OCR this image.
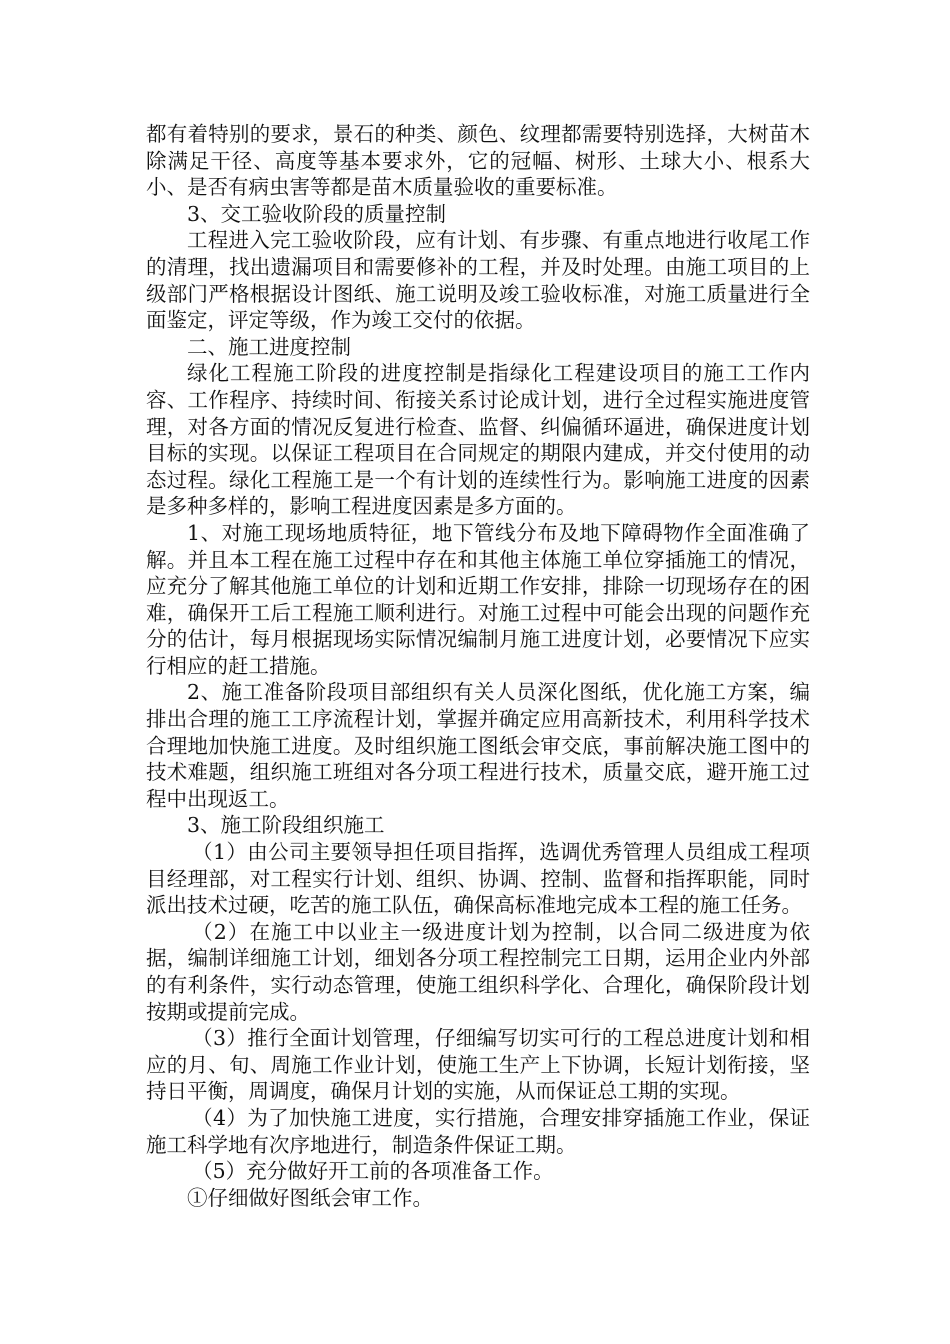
都有着特别的要求，景石的种类、颜色、纹理都需要特别选择，大树苗木除满足干径、高度等基本要求外，它的冠幅、树形、土球大小、根系大小、是否有病虫害等都是苗木质量验收的重要标准。

3、交工验收阶段的质量控制

工程进入完工验收阶段，应有计划、有步骤、有重点地进行收尾工作的清理，找出遗漏项目和需要修补的工程，并及时处理。由施工项目的上级部门严格根据设计图纸、施工说明及竣工验收标准，对施工质量进行全面鉴定，评定等级，作为竣工交付的依据。

二、施工进度控制

绿化工程施工阶段的进度控制是指绿化工程建设项目的施工工作内容、工作程序、持续时间、衔接关系讨论成计划，进行全过程实施进度管理，对各方面的情况反复进行检查、监督、纠偏循环逼进，确保进度计划目标的实现。以保证工程项目在合同规定的期限内建成，并交付使用的动态过程。绿化工程施工是一个有计划的连续性行为。影响施工进度的因素是多种多样的，影响工程进度因素是多方面的。

1、对施工现场地质特征，地下管线分布及地下障碍物作全面准确了解。并且本工程在施工过程中存在和其他主体施工单位穿插施工的情况，应充分了解其他施工单位的计划和近期工作安排，排除一切现场存在的困难，确保开工后工程施工顺利进行。对施工过程中可能会出现的问题作充分的估计，每月根据现场实际情况编制月施工进度计划，必要情况下应实行相应的赶工措施。

2、施工准备阶段项目部组织有关人员深化图纸，优化施工方案，编排出合理的施工工序流程计划，掌握并确定应用高新技术，利用科学技术合理地加快施工进度。及时组织施工图纸会审交底，事前解决施工图中的技术难题，组织施工班组对各分项工程进行技术，质量交底，避开施工过程中出现返工。

3、施工阶段组织施工

（1）由公司主要领导担任项目指挥，选调优秀管理人员组成工程项目经理部，对工程实行计划、组织、协调、控制、监督和指挥职能，同时派出技术过硬，吃苦的施工队伍，确保高标准地完成本工程的施工任务。

（2）在施工中以业主一级进度计划为控制，以合同二级进度为依据，编制详细施工计划，细划各分项工程控制完工日期，运用企业内外部的有利条件，实行动态管理，使施工组织科学化、合理化，确保阶段计划按期或提前完成。

（3）推行全面计划管理，仔细编写切实可行的工程总进度计划和相应的月、旬、周施工作业计划，使施工生产上下协调，长短计划衔接，坚持日平衡，周调度，确保月计划的实施，从而保证总工期的实现。

（4）为了加快施工进度，实行措施，合理安排穿插施工作业，保证施工科学地有次序地进行，制造条件保证工期。

（5）充分做好开工前的各项准备工作。

①仔细做好图纸会审工作。
